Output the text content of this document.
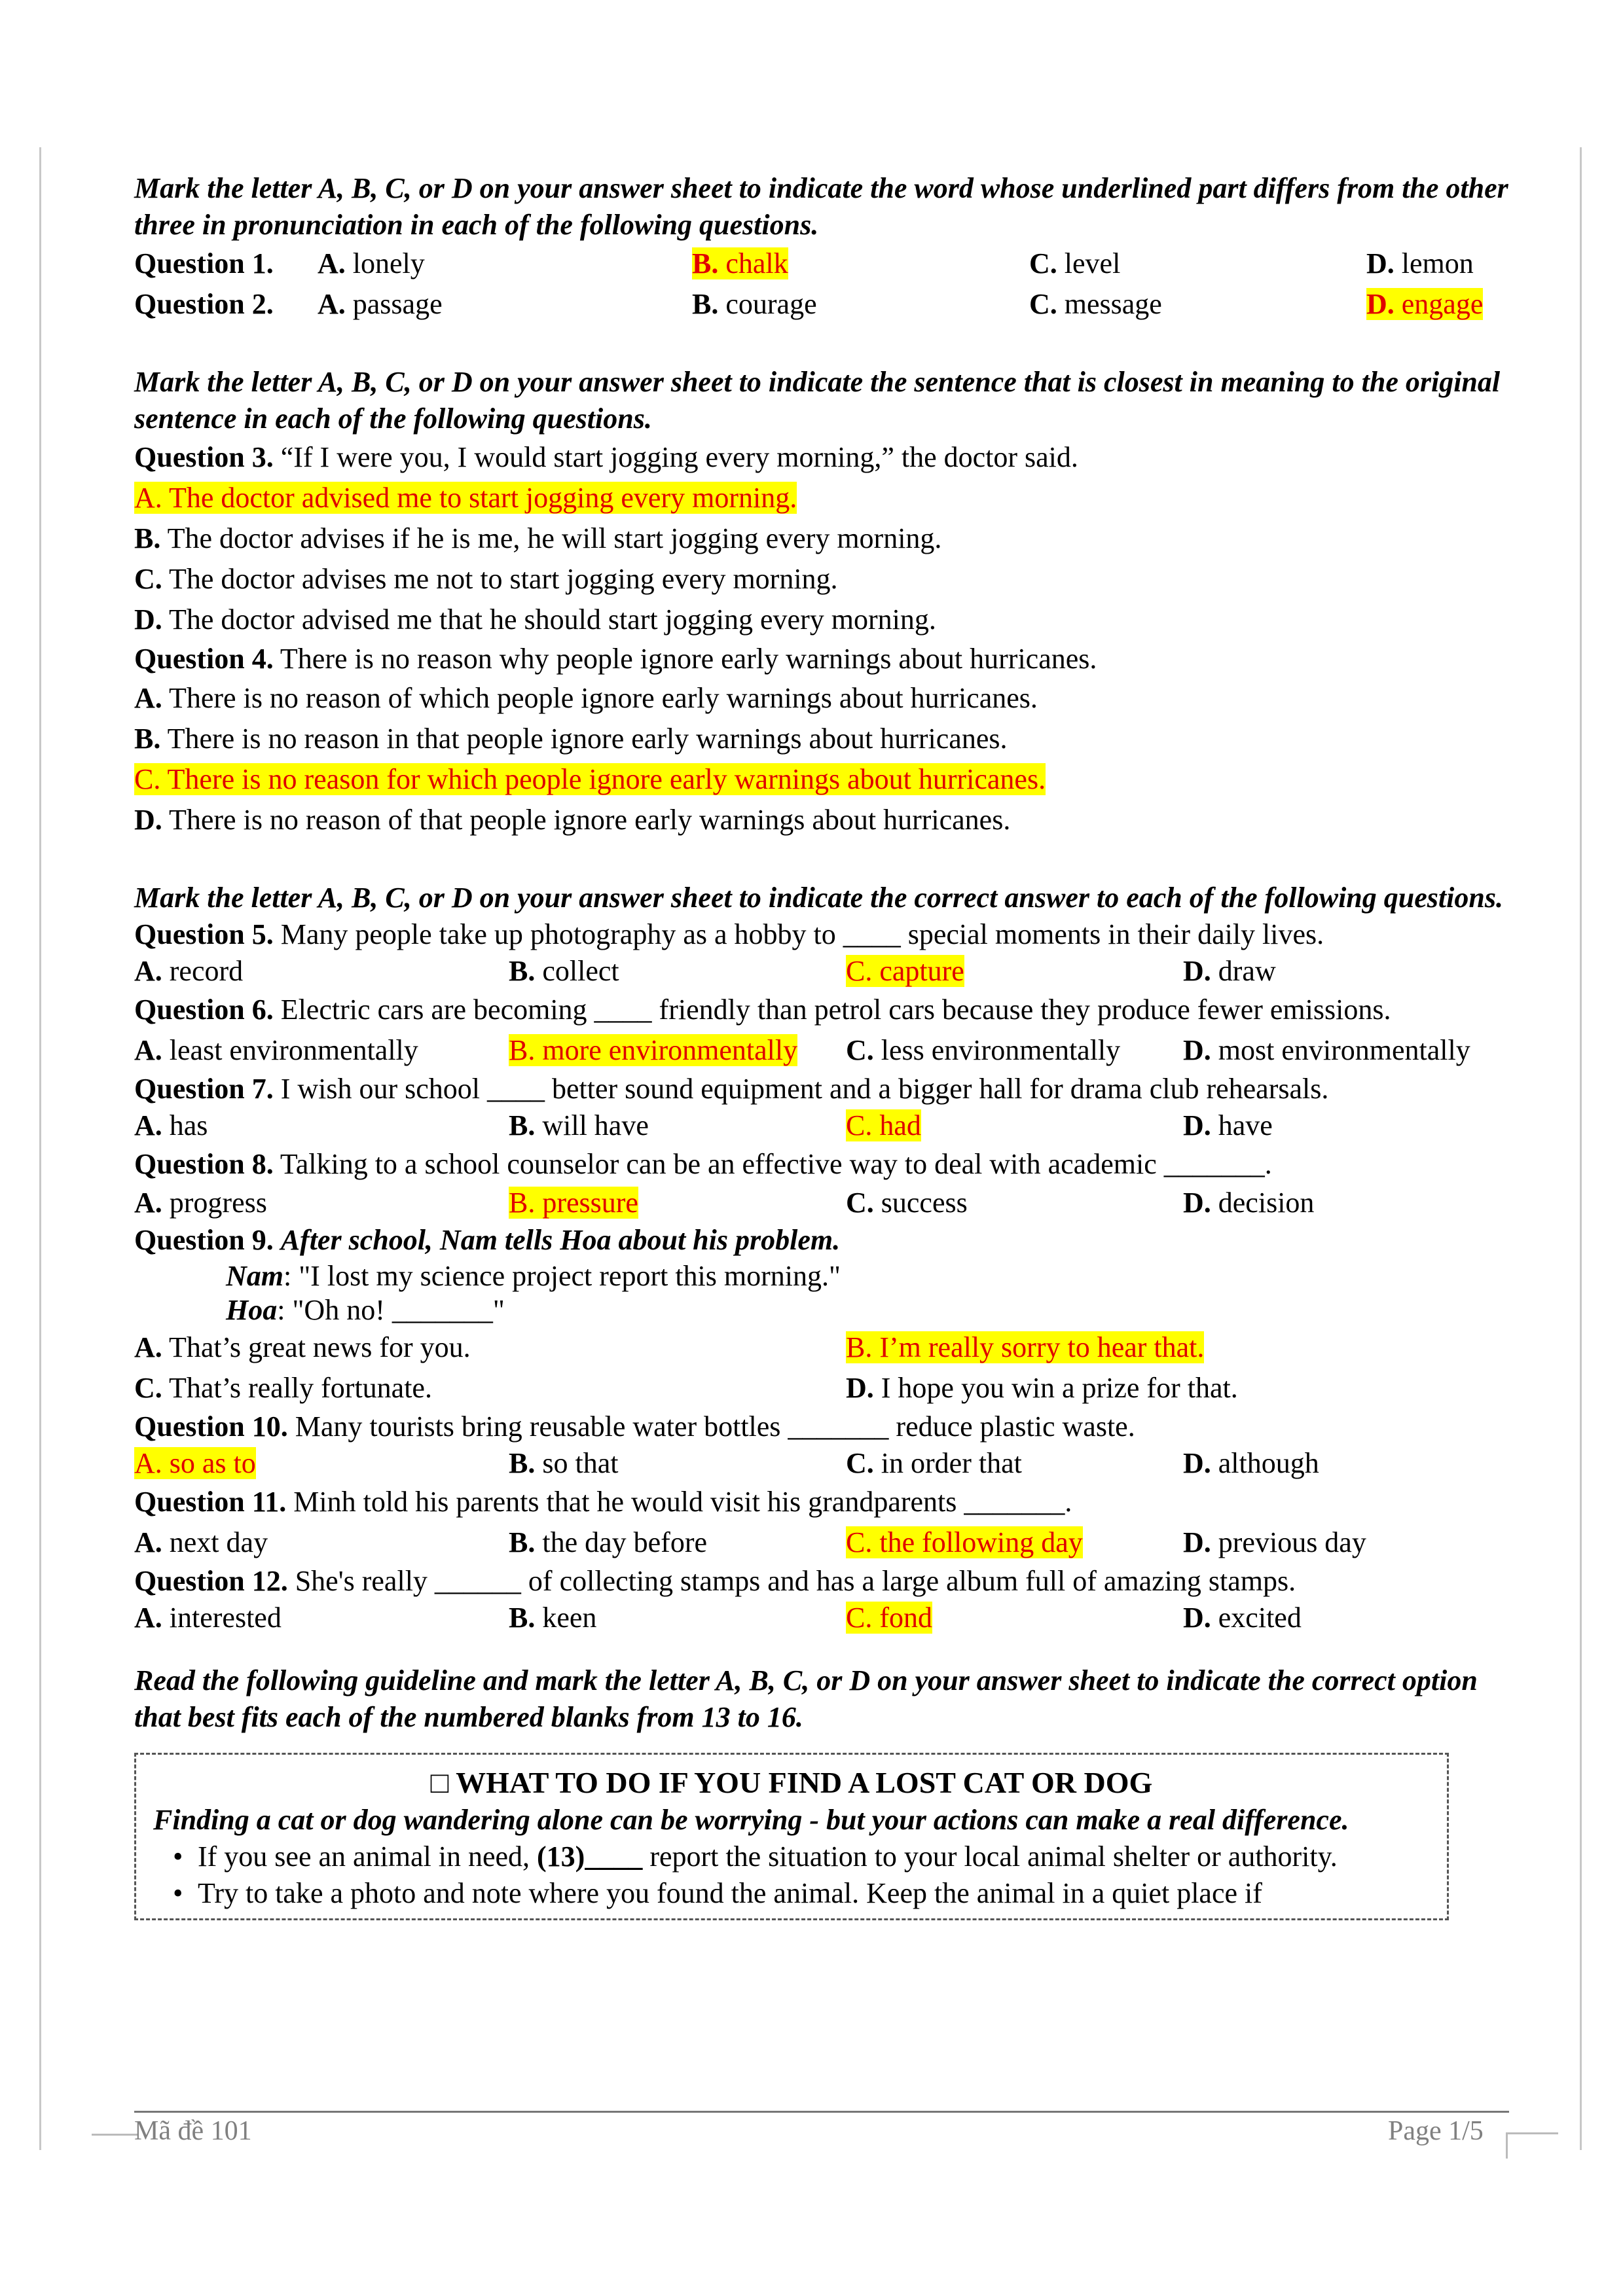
Mark the letter A, B, C, or D on your answer sheet to indicate the word whose underlined part differs from the other three in pronunciation in each of the following questions.

Question 1.	A. lonely	B. chalk	C. level	D. lemon
Question 2.	A. passage	B. courage	C. message	D. engage

Mark the letter A, B, C, or D on your answer sheet to indicate the sentence that is closest in meaning to the original sentence in each of the following questions.

Question 3. “If I were you, I would start jogging every morning,” the doctor said.

A. The doctor advised me to start jogging every morning.

B. The doctor advises if he is me, he will start jogging every morning.

C. The doctor advises me not to start jogging every morning.

D. The doctor advised me that he should start jogging every morning.

Question 4. There is no reason why people ignore early warnings about hurricanes.

A. There is no reason of which people ignore early warnings about hurricanes.

B. There is no reason in that people ignore early warnings about hurricanes.

C. There is no reason for which people ignore early warnings about hurricanes.

D. There is no reason of that people ignore early warnings about hurricanes.

Mark the letter A, B, C, or D on your answer sheet to indicate the correct answer to each of the following questions.

Question 5. Many people take up photography as a hobby to ____ special moments in their daily lives.

A. record	B. collect	C. capture	D. draw

Question 6. Electric cars are becoming ____ friendly than petrol cars because they produce fewer emissions.

A. least environmentally	B. more environmentally	C. less environmentally	D. most environmentally

Question 7. I wish our school ____ better sound equipment and a bigger hall for drama club rehearsals.

A. has	B. will have	C. had	D. have

Question 8. Talking to a school counselor can be an effective way to deal with academic _______.

A. progress	B. pressure	C. success	D. decision

Question 9. After school, Nam tells Hoa about his problem.

Nam: "I lost my science project report this morning."

Hoa: "Oh no! _______"

A. That’s great news for you.	B. I’m really sorry to hear that.
C. That’s really fortunate.	D. I hope you win a prize for that.

Question 10. Many tourists bring reusable water bottles _______ reduce plastic waste.

A. so as to	B. so that	C. in order that	D. although

Question 11. Minh told his parents that he would visit his grandparents _______.

A. next day	B. the day before	C. the following day	D. previous day

Question 12. She's really ______ of collecting stamps and has a large album full of amazing stamps.

A. interested	B. keen	C. fond	D. excited

Read the following guideline and mark the letter A, B, C, or D on your answer sheet to indicate the correct option that best fits each of the numbered blanks from 13 to 16.

□ WHAT TO DO IF YOU FIND A LOST CAT OR DOG

Finding a cat or dog wandering alone can be worrying - but your actions can make a real difference.

• If you see an animal in need, (13)____ report the situation to your local animal shelter or authority.
• Try to take a photo and note where you found the animal. Keep the animal in a quiet place if
Mã đề 101	Page 1/5
